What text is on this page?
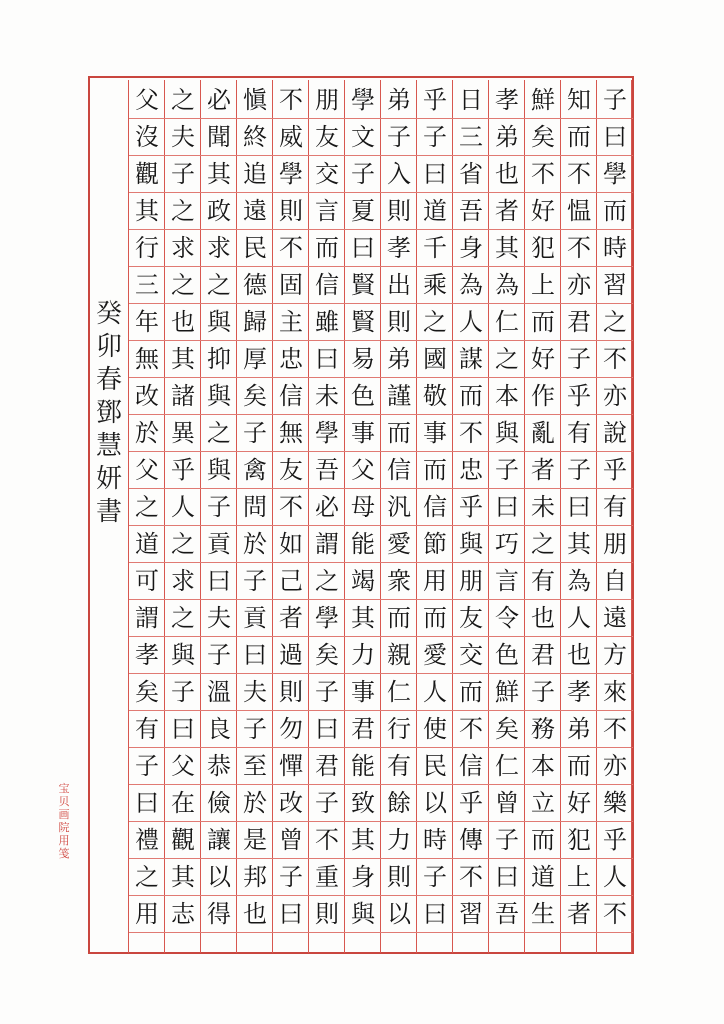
子
曰
學
而
時
習
之
不
亦
說
乎
有
朋
自
遠
方
來
不
亦
樂
乎
人
不
知
而
不
愠
不
亦
君
子
乎
有
子
曰
其
為
人
也
孝
弟
而
好
犯
上
者
鮮
矣
不
好
犯
上
而
好
作
亂
者
未
之
有
也
君
子
務
本
立
而
道
生
孝
弟
也
者
其
為
仁
之
本
與
子
曰
巧
言
令
色
鮮
矣
仁
曾
子
曰
吾
日
三
省
吾
身
為
人
謀
而
不
忠
乎
與
朋
友
交
而
不
信
乎
傳
不
習
乎
子
曰
道
千
乘
之
國
敬
事
而
信
節
用
而
愛
人
使
民
以
時
子
曰
弟
子
入
則
孝
出
則
弟
謹
而
信
汎
愛
衆
而
親
仁
行
有
餘
力
則
以
學
文
子
夏
曰
賢
賢
易
色
事
父
母
能
竭
其
力
事
君
能
致
其
身
與
朋
友
交
言
而
信
雖
曰
未
學
吾
必
謂
之
學
矣
子
曰
君
子
不
重
則
不
威
學
則
不
固
主
忠
信
無
友
不
如
己
者
過
則
勿
憚
改
曾
子
曰
愼
終
追
遠
民
德
歸
厚
矣
子
禽
問
於
子
貢
曰
夫
子
至
於
是
邦
也
必
聞
其
政
求
之
與
抑
與
之
與
子
貢
曰
夫
子
溫
良
恭
儉
讓
以
得
之
夫
子
之
求
之
也
其
諸
異
乎
人
之
求
之
與
子
曰
父
在
觀
其
志
父
沒
觀
其
行
三
年
無
改
於
父
之
道
可
謂
孝
矣
有
子
曰
禮
之
用
癸
卯
春
鄧
慧
妍
書
宝
贝
画
院
用
笺
